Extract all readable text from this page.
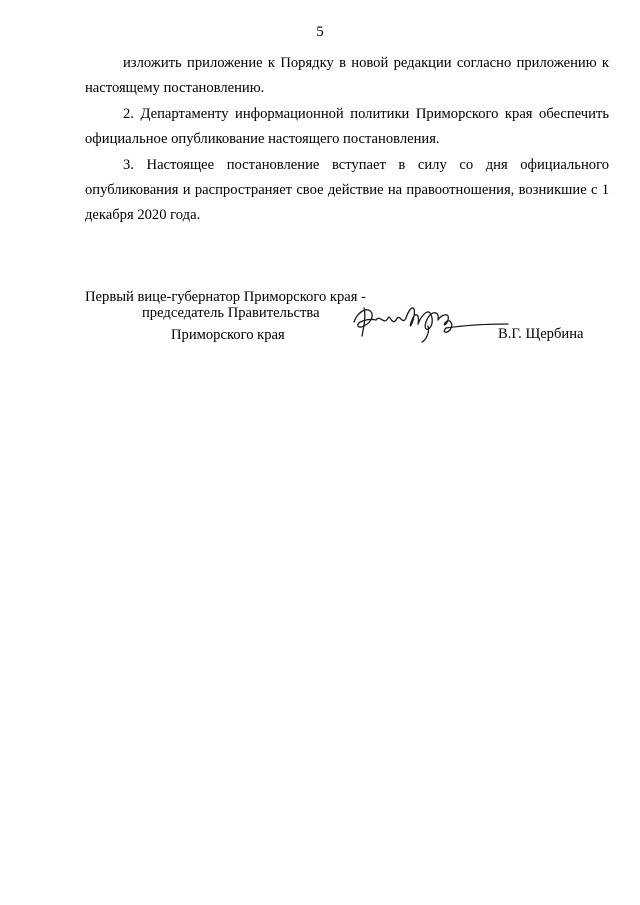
5

изложить приложение к Порядку в новой редакции согласно приложению к настоящему постановлению.

2. Департаменту информационной политики Приморского края обеспечить официальное опубликование настоящего постановления.

3. Настоящее постановление вступает в силу со дня официального опубликования и распространяет свое действие на правоотношения, возникшие с 1 декабря 2020 года.

Первый вице-губернатор Приморского края -
председатель Правительства
Приморского края	В.Г. Щербина
